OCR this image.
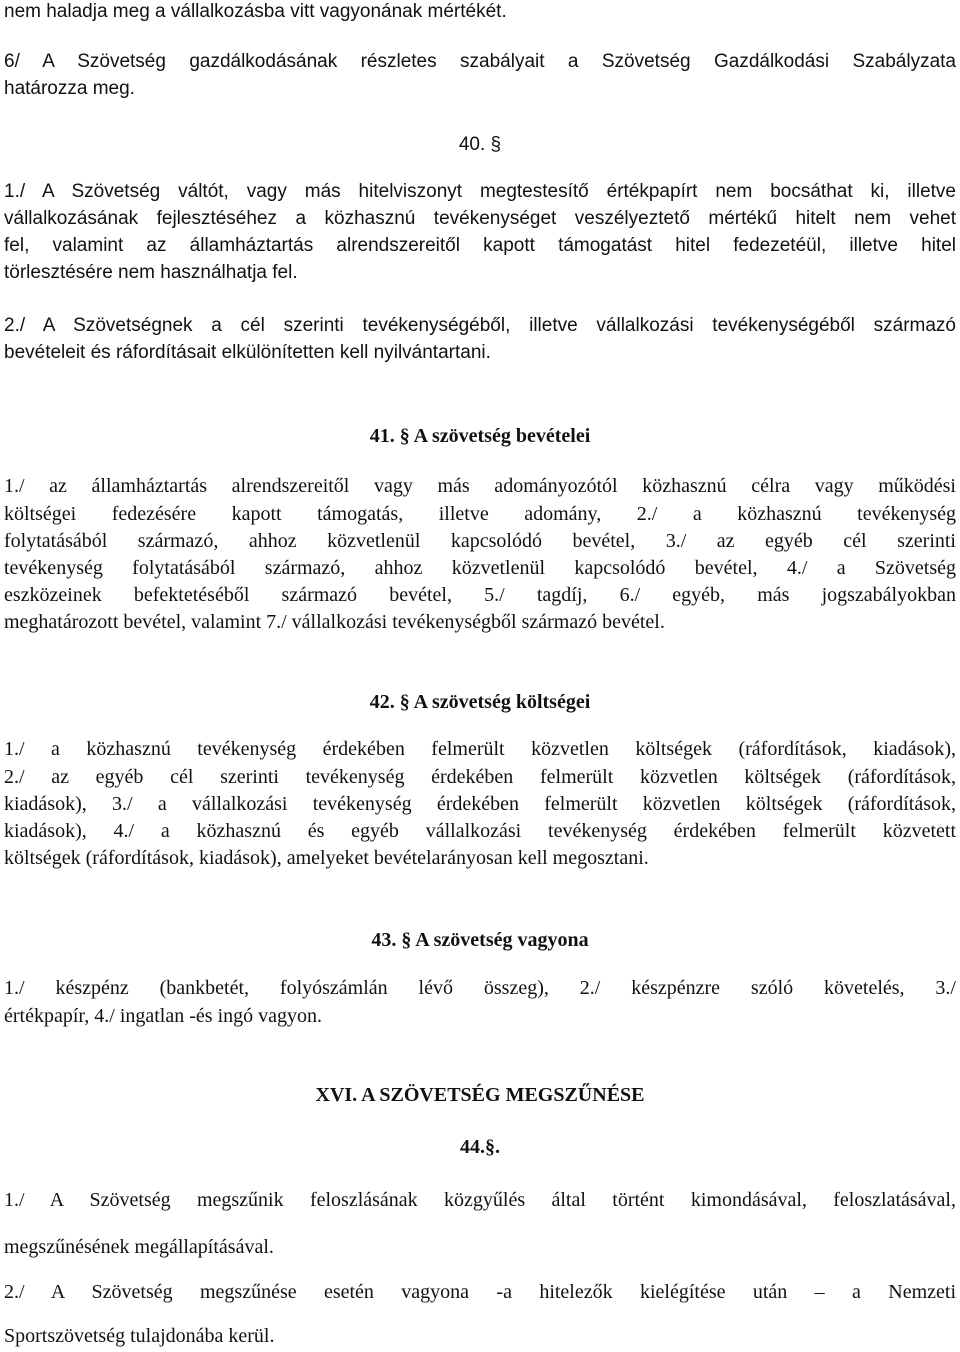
nem haladja meg a vállalkozásba vitt vagyonának mértékét.
6/ A Szövetség gazdálkodásának részletes szabályait a Szövetség Gazdálkodási Szabályzata
határozza meg.
40. §
1./ A Szövetség váltót, vagy más hitelviszonyt megtestesítő értékpapírt nem bocsáthat ki, illetve
vállalkozásának fejlesztéséhez a közhasznú tevékenységet veszélyeztető mértékű hitelt nem vehet
fel, valamint az államháztartás alrendszereitől kapott támogatást hitel fedezetéül, illetve hitel
törlesztésére nem használhatja fel.
2./ A Szövetségnek a cél szerinti tevékenységéből, illetve vállalkozási tevékenységéből származó
bevételeit és ráfordításait elkülönítetten kell nyilvántartani.
41. § A szövetség bevételei
1./ az államháztartás alrendszereitől vagy más adományozótól közhasznú célra vagy működési
költségei fedezésére kapott támogatás, illetve adomány, 2./ a közhasznú tevékenység
folytatásából származó, ahhoz közvetlenül kapcsolódó bevétel, 3./ az egyéb cél szerinti
tevékenység folytatásából származó, ahhoz közvetlenül kapcsolódó bevétel, 4./ a Szövetség
eszközeinek befektetéséből származó bevétel, 5./ tagdíj, 6./ egyéb, más jogszabályokban
meghatározott bevétel, valamint 7./ vállalkozási tevékenységből származó bevétel.
42. § A szövetség költségei
1./ a közhasznú tevékenység érdekében felmerült közvetlen költségek (ráfordítások, kiadások),
2./ az egyéb cél szerinti tevékenység érdekében felmerült közvetlen költségek (ráfordítások,
kiadások), 3./ a vállalkozási tevékenység érdekében felmerült közvetlen költségek (ráfordítások,
kiadások), 4./ a közhasznú és egyéb vállalkozási tevékenység érdekében felmerült közvetett
költségek (ráfordítások, kiadások), amelyeket bevételarányosan kell megosztani.
43. § A szövetség vagyona
1./ készpénz (bankbetét, folyószámlán lévő összeg), 2./ készpénzre szóló követelés, 3./
értékpapír, 4./ ingatlan -és ingó vagyon.
XVI. A SZÖVETSÉG MEGSZŰNÉSE
44.§.
1./ A Szövetség megszűnik feloszlásának közgyűlés által történt kimondásával, feloszlatásával,
megszűnésének megállapításával.
2./ A Szövetség megszűnése esetén vagyona -a hitelezők kielégítése után – a Nemzeti
Sportszövetség tulajdonába kerül.
